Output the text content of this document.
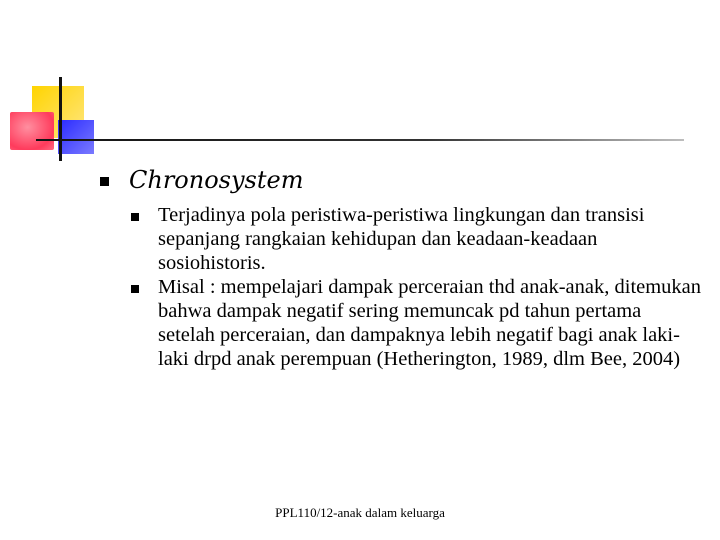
Chronosystem
Terjadinya pola peristiwa-peristiwa lingkungan dan transisi sepanjang rangkaian kehidupan dan keadaan-keadaan sosiohistoris.
Misal : mempelajari dampak perceraian thd anak-anak, ditemukan bahwa dampak negatif sering memuncak pd tahun pertama setelah perceraian, dan dampaknya lebih negatif bagi anak laki-laki drpd anak perempuan (Hetherington, 1989, dlm Bee, 2004)
PPL110/12-anak dalam keluarga
